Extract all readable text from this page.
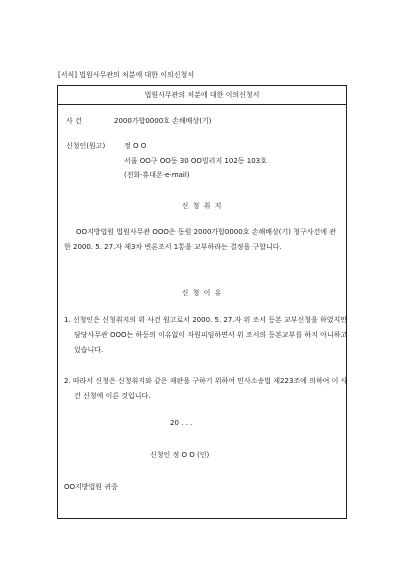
[서식] 법원사무관의 처분에 대한 이의신청서
법원사무관의 처분에 대한 이의신청서
사 건	2000가합0000호 손해배상(기)
신청인(원고)	정 O O
서울 OO구 OO동 30 OO빌리지 102동 103호
(전화·휴대폰·e-mail)
신 청 취 지
OO지방법원 법원사무관 OOO은 동원 2000가합0000호 손해배상(기) 청구사건에 관한 2000. 5. 27.자 제3차 변론조서 1통을 교부하라는 결정을 구합니다.
신 청 이 유
1. 신청인은 신청취지의 위 사건 원고로서 2000. 5. 27.자 위 조서 등본 교부신청을 하였지만 담당사무관 OOO는 하등의 이유없이 자원피임하면서 위 조서의 등본교부를 하지 아니하고 있습니다.
2. 따라서 신청은 신청취지와 같은 재판을 구하기 위하여 민사소송법 제223조에 의하여 이 사건 신청에 이른 것입니다.
20 . . .
신청인 정 O O (인)
OO지방법원 귀중
